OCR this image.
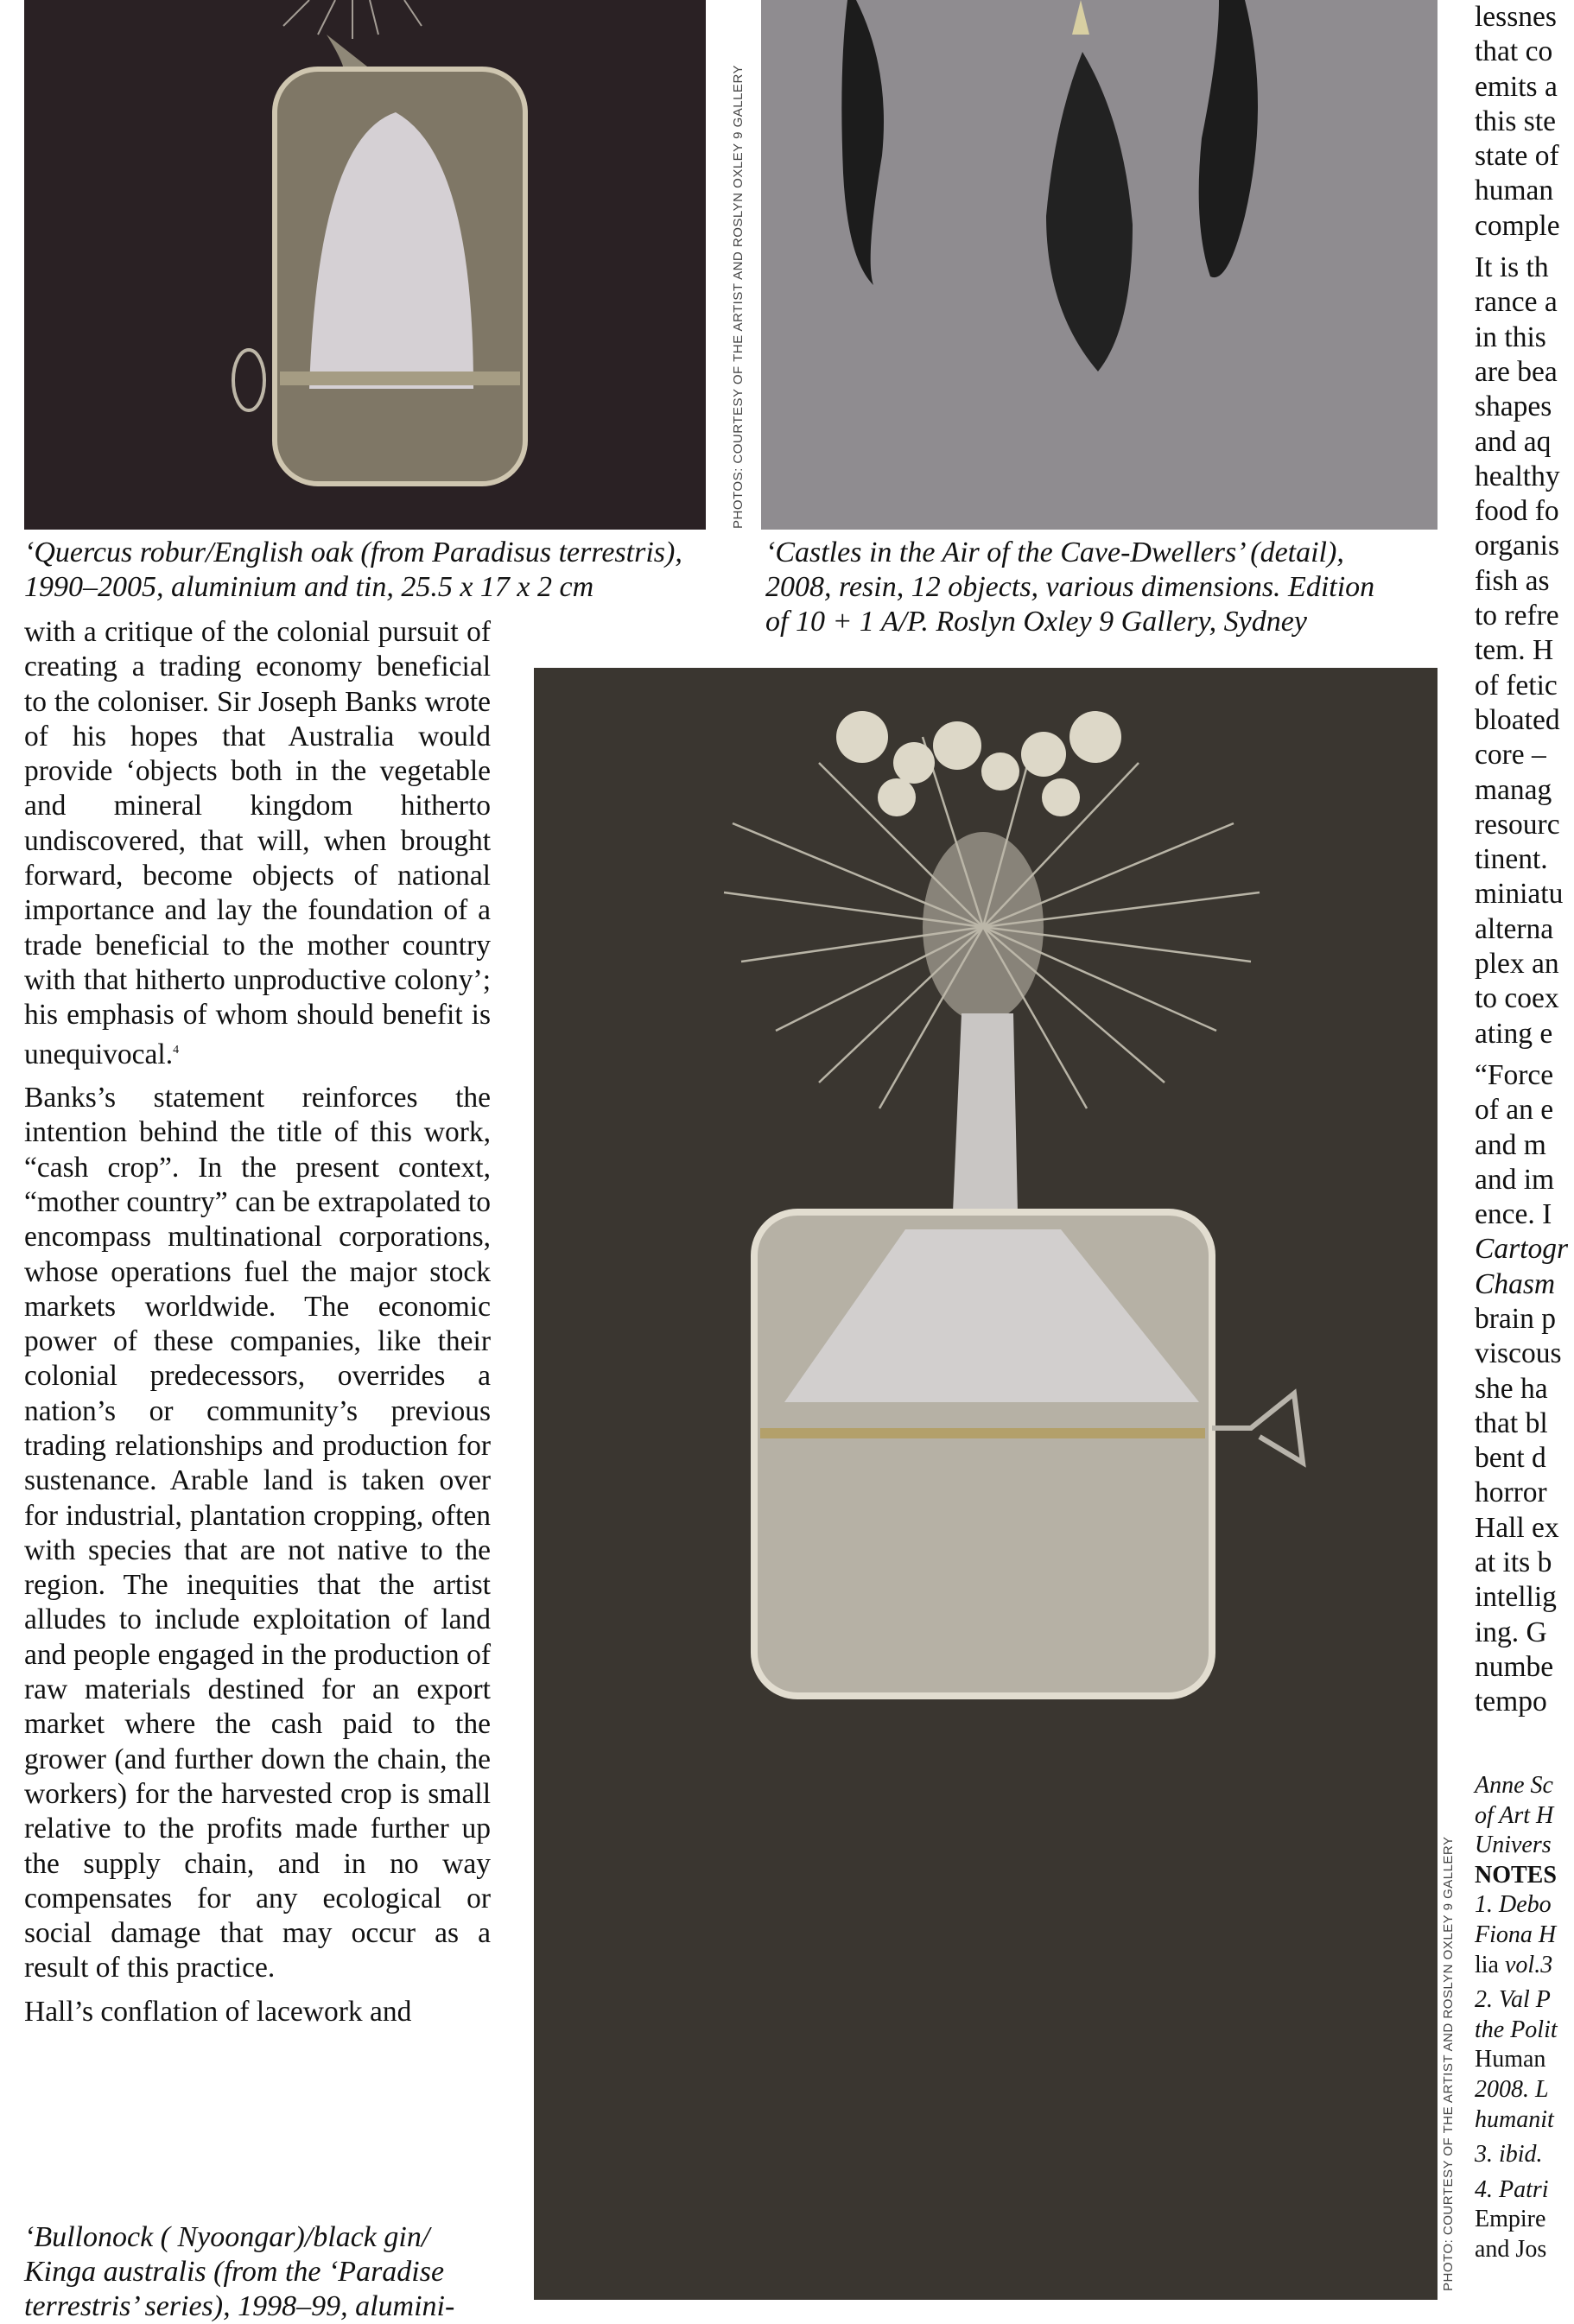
PHOTOS: COURTESY OF THE ARTIST AND ROSLYN OXLEY 9 GALLERY
‘Quercus robur/English oak (from Paradisus terrestris),
1990–2005, aluminium and tin, 25.5 x 17 x 2 cm
‘Castles in the Air of the Cave-Dwellers’ (detail),
2008, resin, 12 objects, various dimensions. Edition
of 10 + 1 A/P. Roslyn Oxley 9 Gallery, Sydney

with a critique of the colonial pursuit of creating a trading economy beneficial to the coloniser. Sir Joseph Banks wrote of his hopes that Australia would provide ‘objects both in the vegetable and mineral kingdom hitherto undiscovered, that will, when brought forward, become objects of national importance and lay the foundation of a trade beneficial to the mother country with that hitherto unproductive colony’; his emphasis of whom should benefit is unequivocal.$^4$

Banks’s statement reinforces the intention behind the title of this work, “cash crop”. In the present context, “mother country” can be extrapolated to encompass multinational corporations, whose operations fuel the major stock markets worldwide. The economic power of these companies, like their colonial predecessors, overrides a nation’s or community’s previous trading relationships and production for sustenance. Arable land is taken over for industrial, plantation cropping, often with species that are not native to the region. The inequities that the artist alludes to include exploitation of land and people engaged in the production of raw materials destined for an export market where the cash paid to the grower (and further down the chain, the workers) for the harvested crop is small relative to the profits made further up the supply chain, and in no way compensates for any ecological or social damage that may occur as a result of this practice.

Hall’s conflation of lacework and

‘Bullonock ( Nyoongar)/black gin/
Kinga australis (from the ‘Paradise
terrestris’ series), 1998–99, alumini-
PHOTO: COURTESY OF THE ARTIST AND ROSLYN OXLEY 9 GALLERY
lessnes
that co
emits a
this ste
state of
human
comple
It is th
rance a
in this
are bea
shapes
and aq
healthy
food fo
organis
fish as
to refre
tem. H
of fetic
bloated
core –
manag
resourc
tinent.
miniatu
alterna
plex an
to coex
ating e
“Force
of an e
and m
and im
ence. I
Cartogr
Chasm
brain p
viscous
she ha
that bl
bent d
horror
Hall ex
at its b
intellig
ing. G
numbe
tempo
Anne Sc
of Art H
Univers
NOTES
1. Debo
Fiona H
lia vol.3
2. Val P
the Polit
Human
2008. L
humanit
3. ibid.
4. Patri
Empire
and Jos
